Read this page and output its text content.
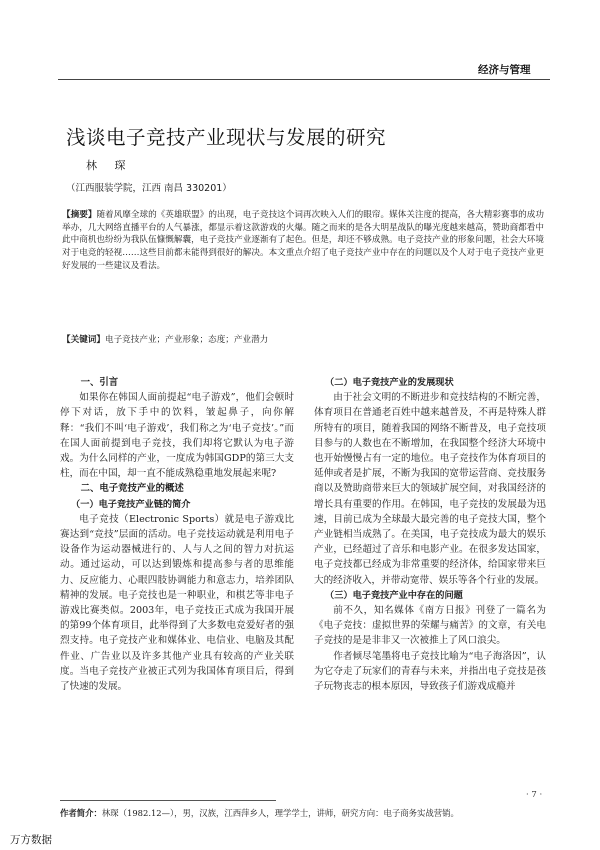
经济与管理
浅谈电子竞技产业现状与发展的研究
林 琛
（江西服装学院，江西 南昌 330201）
【摘要】随着风靡全球的《英雄联盟》的出现，电子竞技这个词再次映入人们的眼帘。媒体关注度的提高，各大精彩赛事的成功举办，几大网络直播平台的人气暴涨，都显示着这款游戏的火爆。随之而来的是各大明星战队的曝光度越来越高，赞助商都看中此中商机也纷纷为我队伍慷慨解囊，电子竞技产业逐渐有了起色。但是，却还不够成熟。电子竞技产业的形象问题，社会大环境对于电竞的轻视……这些目前都未能得到很好的解决。本文重点介绍了电子竞技产业中存在的问题以及个人对于电子竞技产业更好发展的一些建议及看法。
【关键词】电子竞技产业；产业形象；态度；产业潜力

一、引言

如果你在韩国人面前提起“电子游戏”，他们会顿时停下对话，放下手中的饮料，皱起鼻子，向你解释：“我们不叫‘电子游戏’，我们称之为‘电子竞技’。”而在国人面前提到电子竞技，我们却将它默认为电子游戏。为什么同样的产业，一度成为韩国GDP的第三大支柱，而在中国，却一直不能成熟稳重地发展起来呢?

二、电子竞技产业的概述

（一）电子竞技产业链的简介

电子竞技（Electronic Sports）就是电子游戏比赛达到“竞技”层面的活动。电子竞技运动就是利用电子设备作为运动器械进行的、人与人之间的智力对抗运动。通过运动，可以达到锻炼和提高参与者的思维能力、反应能力、心眼四肢协调能力和意志力，培养团队精神的发展。电子竞技也是一种职业，和棋艺等非电子游戏比赛类似。2003年，电子竞技正式成为我国开展的第99个体育项目，此举得到了大多数电竞爱好者的强烈支持。电子竞技产业和媒体业、电信业、电脑及其配件业、广告业以及许多其他产业具有较高的产业关联度。当电子竞技产业被正式列为我国体育项目后，得到了快速的发展。

（二）电子竞技产业的发展现状

由于社会文明的不断进步和竞技结构的不断完善，体育项目在普通老百姓中越来越普及，不再是特殊人群所特有的项目，随着我国的网络不断普及，电子竞技项目参与的人数也在不断增加，在我国整个经济大环境中也开始慢慢占有一定的地位。电子竞技作为体育项目的延伸或者是扩展，不断为我国的宽带运营商、竞技服务商以及赞助商带来巨大的领域扩展空间，对我国经济的增长具有重要的作用。在韩国，电子竞技的发展最为迅速，目前已成为全球最大最完善的电子竞技大国，整个产业链相当成熟了。在美国，电子竞技成为最大的娱乐产业，已经超过了音乐和电影产业。在很多发达国家，电子竞技都已经成为非常重要的经济体，给国家带来巨大的经济收入，并带动宽带、娱乐等各个行业的发展。

（三）电子竞技产业中存在的问题

前不久，知名媒体《南方日报》刊登了一篇名为《电子竞技：虚拟世界的荣耀与痛苦》的文章，有关电子竞技的是是非非又一次被推上了风口浪尖。

作者倾尽笔墨将电子竞技比喻为“电子海洛因”，认为它夺走了玩家们的青春与未来，并指出电子竞技是孩子玩物丧志的根本原因，导致孩子们游戏成瘾并

· 7 ·
作者简介：林琛（1982.12—），男，汉族，江西萍乡人，理学学士，讲师，研究方向：电子商务实战营销。
万方数据
